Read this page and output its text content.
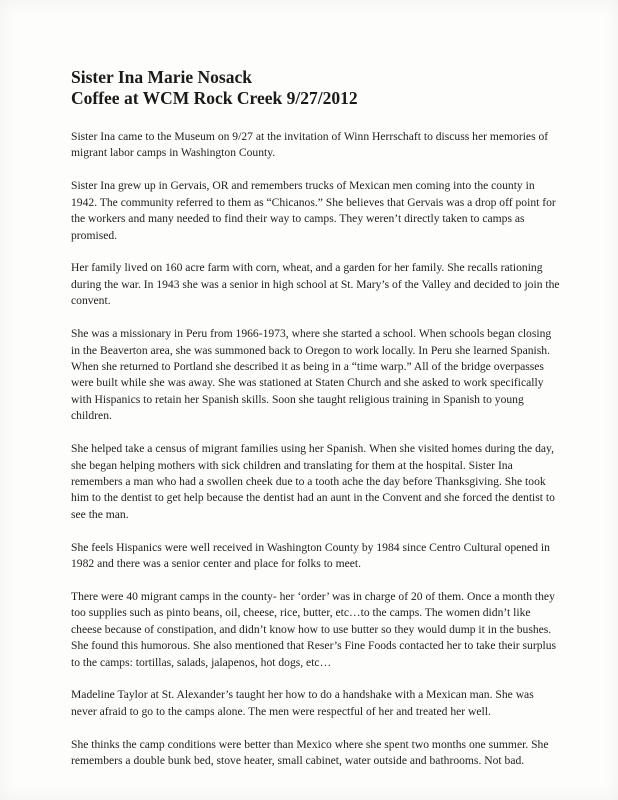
Sister Ina Marie Nosack
Coffee at WCM Rock Creek 9/27/2012

Sister Ina came to the Museum on 9/27 at the invitation of Winn Herrschaft to discuss her memories of migrant labor camps in Washington County.

Sister Ina grew up in Gervais, OR and remembers trucks of Mexican men coming into the county in 1942. The community referred to them as “Chicanos.” She believes that Gervais was a drop off point for the workers and many needed to find their way to camps. They weren’t directly taken to camps as promised.

Her family lived on 160 acre farm with corn, wheat, and a garden for her family. She recalls rationing during the war. In 1943 she was a senior in high school at St. Mary’s of the Valley and decided to join the convent.

She was a missionary in Peru from 1966-1973, where she started a school. When schools began closing in the Beaverton area, she was summoned back to Oregon to work locally. In Peru she learned Spanish. When she returned to Portland she described it as being in a “time warp.” All of the bridge overpasses were built while she was away. She was stationed at Staten Church and she asked to work specifically with Hispanics to retain her Spanish skills. Soon she taught religious training in Spanish to young children.

She helped take a census of migrant families using her Spanish. When she visited homes during the day, she began helping mothers with sick children and translating for them at the hospital. Sister Ina remembers a man who had a swollen cheek due to a tooth ache the day before Thanksgiving. She took him to the dentist to get help because the dentist had an aunt in the Convent and she forced the dentist to see the man.

She feels Hispanics were well received in Washington County by 1984 since Centro Cultural opened in 1982 and there was a senior center and place for folks to meet.

There were 40 migrant camps in the county- her ‘order’ was in charge of 20 of them. Once a month they too supplies such as pinto beans, oil, cheese, rice, butter, etc…to the camps. The women didn’t like cheese because of constipation, and didn’t know how to use butter so they would dump it in the bushes. She found this humorous. She also mentioned that Reser’s Fine Foods contacted her to take their surplus to the camps: tortillas, salads, jalapenos, hot dogs, etc…

Madeline Taylor at St. Alexander’s taught her how to do a handshake with a Mexican man. She was never afraid to go to the camps alone. The men were respectful of her and treated her well.

She thinks the camp conditions were better than Mexico where she spent two months one summer. She remembers a double bunk bed, stove heater, small cabinet, water outside and bathrooms. Not bad.
